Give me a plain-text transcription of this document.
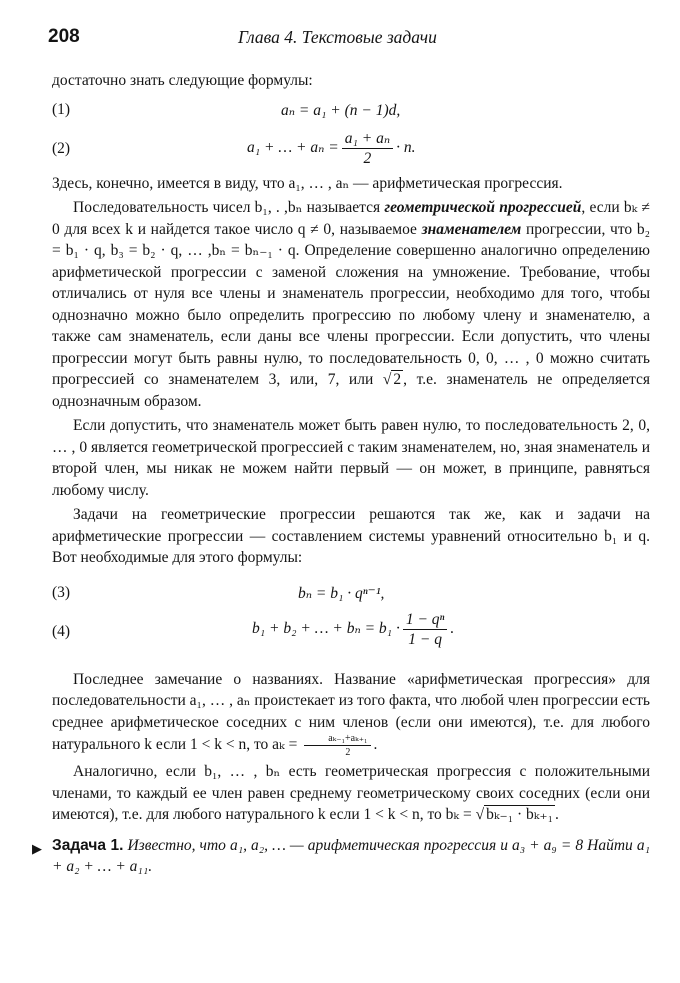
208	Глава 4. Текстовые задачи

достаточно знать следующие формулы:

(1)	aₙ = a₁ + (n − 1)d,
(2)	a₁ + … + $a_n = \frac{\text{a₁ + aₙ}}{2} \cdot n$.

Здесь, конечно, имеется в виду, что a₁, … , aₙ — арифметическая прогрессия.

Последовательность чисел b₁, . ,bₙ называется геометрической прогрессией, если bₖ ≠ 0 для всех k и найдется такое число q ≠ 0, называемое знаменателем прогрессии, что b₂ = b₁ · q, b₃ = b₂ · q, … ,bₙ = bₙ₋₁ · q. Определение совершенно аналогично определению арифметической прогрессии с заменой сложения на умножение. Требование, чтобы отличались от нуля все члены и знаменатель прогрессии, необходимо для того, чтобы однозначно можно было определить прогрессию по любому члену и знаменателю, а также сам знаменатель, если даны все члены прогрессии. Если допустить, что члены прогрессии могут быть равны нулю, то последовательность 0, 0, … , 0 можно считать прогрессией со знаменателем 3, или, 7, или √ 2 , т.е. знаменатель не определяется однозначным образом.

Если допустить, что знаменатель может быть равен нулю, то последовательность 2, 0, … , 0 является геометрической прогрессией с таким знаменателем, но, зная знаменатель и второй член, мы никак не можем найти первый — он может, в принципе, равняться любому числу.

Задачи на геометрические прогрессии решаются так же, как и задачи на арифметические прогрессии — составлением системы уравнений относительно b₁ и q. Вот необходимые для этого формулы:

(3)	bₙ = b₁ · qⁿ⁻¹,
(4)	b₁ + b₂ + … + $b_n = b_1 \cdot \frac{\text{1 − qⁿ}}{1 - q}$ .

Последнее замечание о названиях. Название «арифметическая прогрессия» для последовательности a₁, … , aₙ проистекает из того факта, что любой член прогрессии есть среднее арифметическое соседних с ним членов (если они имеются), т.е. для любого натурального k если 1 < k < n, то $a_k = \frac{\text{aₖ₋₁+aₖ₊₁}}{2}$ .

Аналогично, если b₁, … , bₙ есть геометрическая прогрессия с положительными членами, то каждый ее член равен среднему геометрическому своих соседних (если они имеются), т.е. для любого натурального k если 1 < k < n, то bₖ = √ bₖ₋₁ · bₖ₊₁ .

▶ Задача 1. Известно, что a₁, a₂, … — арифметическая прогрессия и a₃ + a₉ = 8 Найти a₁ + a₂ + … + a₁₁.
